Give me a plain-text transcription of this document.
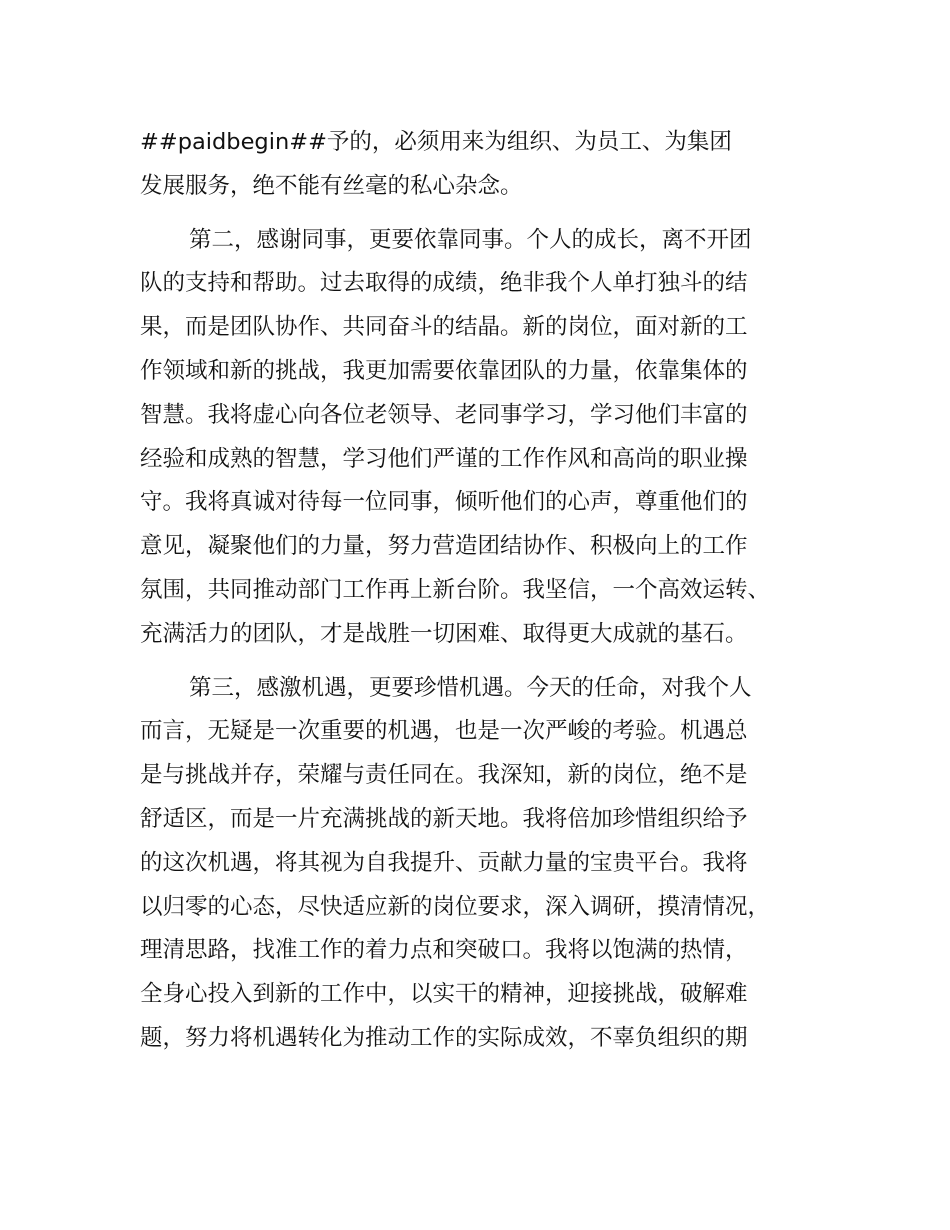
##paidbegin##予的，必须用来为组织、为员工、为集团
发展服务，绝不能有丝毫的私心杂念。

第二，感谢同事，更要依靠同事。个人的成长，离不开团
队的支持和帮助。过去取得的成绩，绝非我个人单打独斗的结
果，而是团队协作、共同奋斗的结晶。新的岗位，面对新的工
作领域和新的挑战，我更加需要依靠团队的力量，依靠集体的
智慧。我将虚心向各位老领导、老同事学习，学习他们丰富的
经验和成熟的智慧，学习他们严谨的工作作风和高尚的职业操
守。我将真诚对待每一位同事，倾听他们的心声，尊重他们的
意见，凝聚他们的力量，努力营造团结协作、积极向上的工作
氛围，共同推动部门工作再上新台阶。我坚信，一个高效运转、
充满活力的团队，才是战胜一切困难、取得更大成就的基石。

第三，感激机遇，更要珍惜机遇。今天的任命，对我个人
而言，无疑是一次重要的机遇，也是一次严峻的考验。机遇总
是与挑战并存，荣耀与责任同在。我深知，新的岗位，绝不是
舒适区，而是一片充满挑战的新天地。我将倍加珍惜组织给予
的这次机遇，将其视为自我提升、贡献力量的宝贵平台。我将
以归零的心态，尽快适应新的岗位要求，深入调研，摸清情况，
理清思路，找准工作的着力点和突破口。我将以饱满的热情，
全身心投入到新的工作中，以实干的精神，迎接挑战，破解难
题，努力将机遇转化为推动工作的实际成效，不辜负组织的期
